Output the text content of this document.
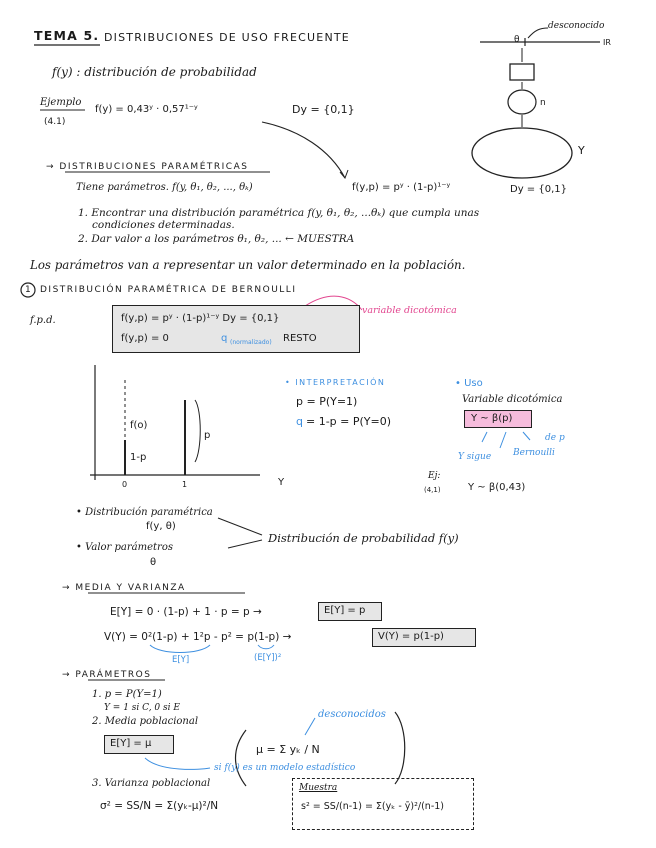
TEMA 5. DISTRIBUCIONES DE USO FRECUENTE
desconocido
IR
θ
n
Y
f(y) : distribución de probabilidad
Ejemplo
(4.1)
f(y) = 0,43ʸ · 0,57¹⁻ʸ	Dy = {0,1}
→ DISTRIBUCIONES PARAMÉTRICAS
Tiene parámetros. f(y, θ₁, θ₂, ..., θₖ)	f(y,p) = pʸ · (1-p)¹⁻ʸ	Dy = {0,1}
1. Encontrar una distribución paramétrica f(y, θ₁, θ₂, ...θₖ) que cumpla unas
condiciones determinadas.
2. Dar valor a los parámetros θ₁, θ₂, ... ← MUESTRA
Los parámetros van a representar un valor determinado en la población.
1 DISTRIBUCIÓN PARAMÉTRICA DE BERNOULLI
variable dicotómica
f.p.d.	f(y,p) = pʸ · (1-p)¹⁻ʸ Dy = {0,1}
f(y,p) = 0	q (normalizado) RESTO
f(o)
1-p
p
0	1	Y
• INTERPRETACIÓN
p = P(Y=1)
q = 1-p = P(Y=0)
• Uso
Variable dicotómica
Y ~ β(p)
de p
Bernoulli
Y sigue
Ej:
(4,1)	Y ~ β(0,43)
• Distribución paramétrica
f(y, θ)
• Valor parámetros
θ
Distribución de probabilidad f(y)
→ MEDIA Y VARIANZA
E[Y] = 0 · (1-p) + 1 · p = p →	E[Y] = p
V(Y) = 0²(1-p) + 1²p - p² = p(1-p) →	V(Y) = p(1-p)
E[Y]	(E[Y])²
→ PARÁMETROS
1. p = P(Y=1)
Y = 1 si C, 0 si E
2. Media poblacional
E[Y] = μ	μ = Σ yₖ / N
desconocidos
si f(y) es un modelo estadístico
3. Varianza poblacional
σ² = SS/N = Σ(yₖ-μ)²/N
Muestra
s² = SS/(n-1) = Σ(yₖ - ȳ)²/(n-1)
